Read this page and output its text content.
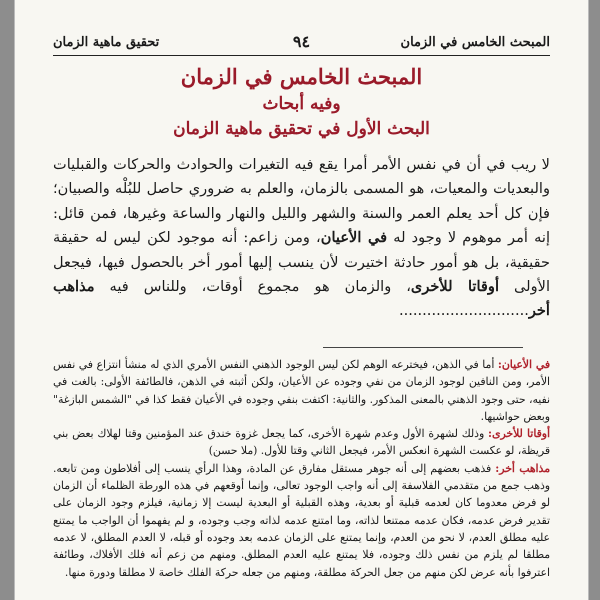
المبحث الخامس في الزمان
٩٤
تحقيق ماهية الزمان
المبحث الخامس في الزمان
وفيه أبحاث
البحث الأول في تحقيق ماهية الزمان

لا ريب في أن في نفس الأمر أمرا يقع فيه التغيرات والحوادث والحركات والقبليات والبعديات والمعيات، هو المسمى بالزمان، والعلم به ضروري حاصل للبُلْه والصبيان؛ فإن كل أحد يعلم العمر والسنة والشهر والليل والنهار والساعة وغيرها، فمن قائل: إنه أمر موهوم لا وجود له في الأعيان، ومن زاعم: أنه موجود لكن ليس له حقيقة حقيقية، بل هو أمور حادثة اختيرت لأن ينسب إليها أمور أخر بالحصول فيها، فيجعل الأولى أوقاتا للأخرى، والزمان هو مجموع أوقات، وللناس فيه مذاهب أخر............................

في الأعيان: أما في الذهن، فيخترعه الوهم لكن ليس الوجود الذهني النفس الأمري الذي له منشأ انتزاع في نفس الأمر، ومن النافين لوجود الزمان من نفي وجوده عن الأعيان، ولكن أثبته في الذهن، فالطائفة الأولى: بالغت في نفيه، حتى وجود الذهني بالمعنى المذكور. والثانية: اكتفت بنفي وجوده في الأعيان فقط كذا في "الشمس البازغة" وبعض حواشيها.

أوقاتا للأخرى: وذلك لشهرة الأول وعدم شهرة الأخرى، كما يجعل غزوة خندق عند المؤمنين وقتا لهلاك بعض بني قريظة، لو عكست الشهرة انعكس الأمر، فيجعل الثاني وقتا للأول. (ملا حسن)

مذاهب أخر: فذهب بعضهم إلى أنه جوهر مستقل مفارق عن المادة، وهذا الرأي ينسب إلى أفلاطون ومن تابعه. وذهب جمع من متقدمي الفلاسفة إلى أنه واجب الوجود تعالى، وإنما أوقعهم في هذه الورطة الظلماء أن الزمان لو فرض معدوما كان لعدمه قبلية أو بعدية، وهذه القبلية أو البعدية ليست إلا زمانية، فيلزم وجود الزمان على تقدير فرض عدمه، فكان عدمه ممتنعا لذاته، وما امتنع عدمه لذاته وجب وجوده، و لم يفهموا أن الواجب ما يمتنع عليه مطلق العدم، لا نحو من العدم، وإنما يمتنع على الزمان عدمه بعد وجوده أو قبله، لا العدم المطلق، لا عدمه مطلقا لم يلزم من نفس ذلك وجوده، فلا يمتنع عليه العدم المطلق. ومنهم من زعم أنه فلك الأفلاك، وطائفة اعترفوا بأنه عرض لكن منهم من جعل الحركة مطلقة، ومنهم من جعله حركة الفلك خاصة لا مطلقا ودورة منها.
